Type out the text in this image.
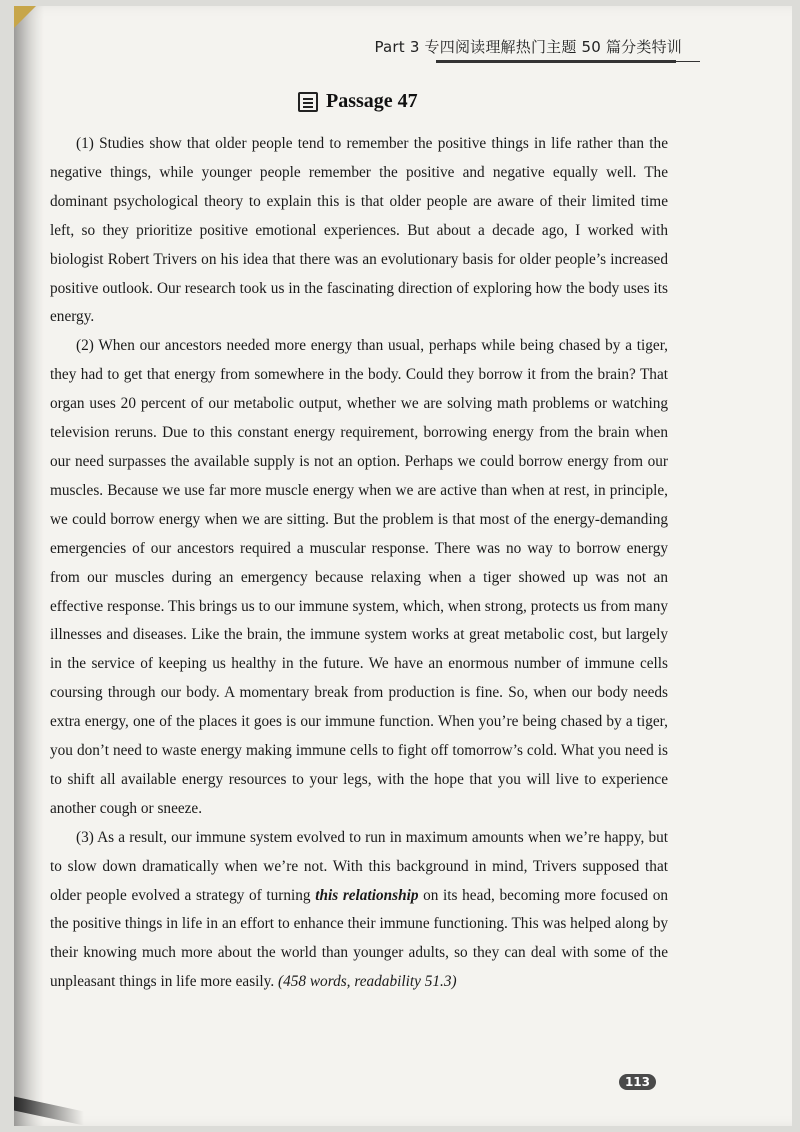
Part 3 专四阅读理解热门主题 50 篇分类特训
Passage 47

(1) Studies show that older people tend to remember the positive things in life rather than the negative things, while younger people remember the positive and negative equally well. The dominant psychological theory to explain this is that older people are aware of their limited time left, so they prioritize positive emotional experiences. But about a decade ago, I worked with biologist Robert Trivers on his idea that there was an evolutionary basis for older people’s increased positive outlook. Our research took us in the fascinating direction of exploring how the body uses its energy.

(2) When our ancestors needed more energy than usual, perhaps while being chased by a tiger, they had to get that energy from somewhere in the body. Could they borrow it from the brain? That organ uses 20 percent of our metabolic output, whether we are solving math problems or watching television reruns. Due to this constant energy requirement, borrowing energy from the brain when our need surpasses the available supply is not an option. Perhaps we could borrow energy from our muscles. Because we use far more muscle energy when we are active than when at rest, in principle, we could borrow energy when we are sitting. But the problem is that most of the energy-demanding emergencies of our ancestors required a muscular response. There was no way to borrow energy from our muscles during an emergency because relaxing when a tiger showed up was not an effective response. This brings us to our immune system, which, when strong, protects us from many illnesses and diseases. Like the brain, the immune system works at great metabolic cost, but largely in the service of keeping us healthy in the future. We have an enormous number of immune cells coursing through our body. A momentary break from production is fine. So, when our body needs extra energy, one of the places it goes is our immune function. When you’re being chased by a tiger, you don’t need to waste energy making immune cells to fight off tomorrow’s cold. What you need is to shift all available energy resources to your legs, with the hope that you will live to experience another cough or sneeze.

(3) As a result, our immune system evolved to run in maximum amounts when we’re happy, but to slow down dramatically when we’re not. With this background in mind, Trivers supposed that older people evolved a strategy of turning this relationship on its head, becoming more focused on the positive things in life in an effort to enhance their immune functioning. This was helped along by their knowing much more about the world than younger adults, so they can deal with some of the unpleasant things in life more easily. (458 words, readability 51.3)

113
